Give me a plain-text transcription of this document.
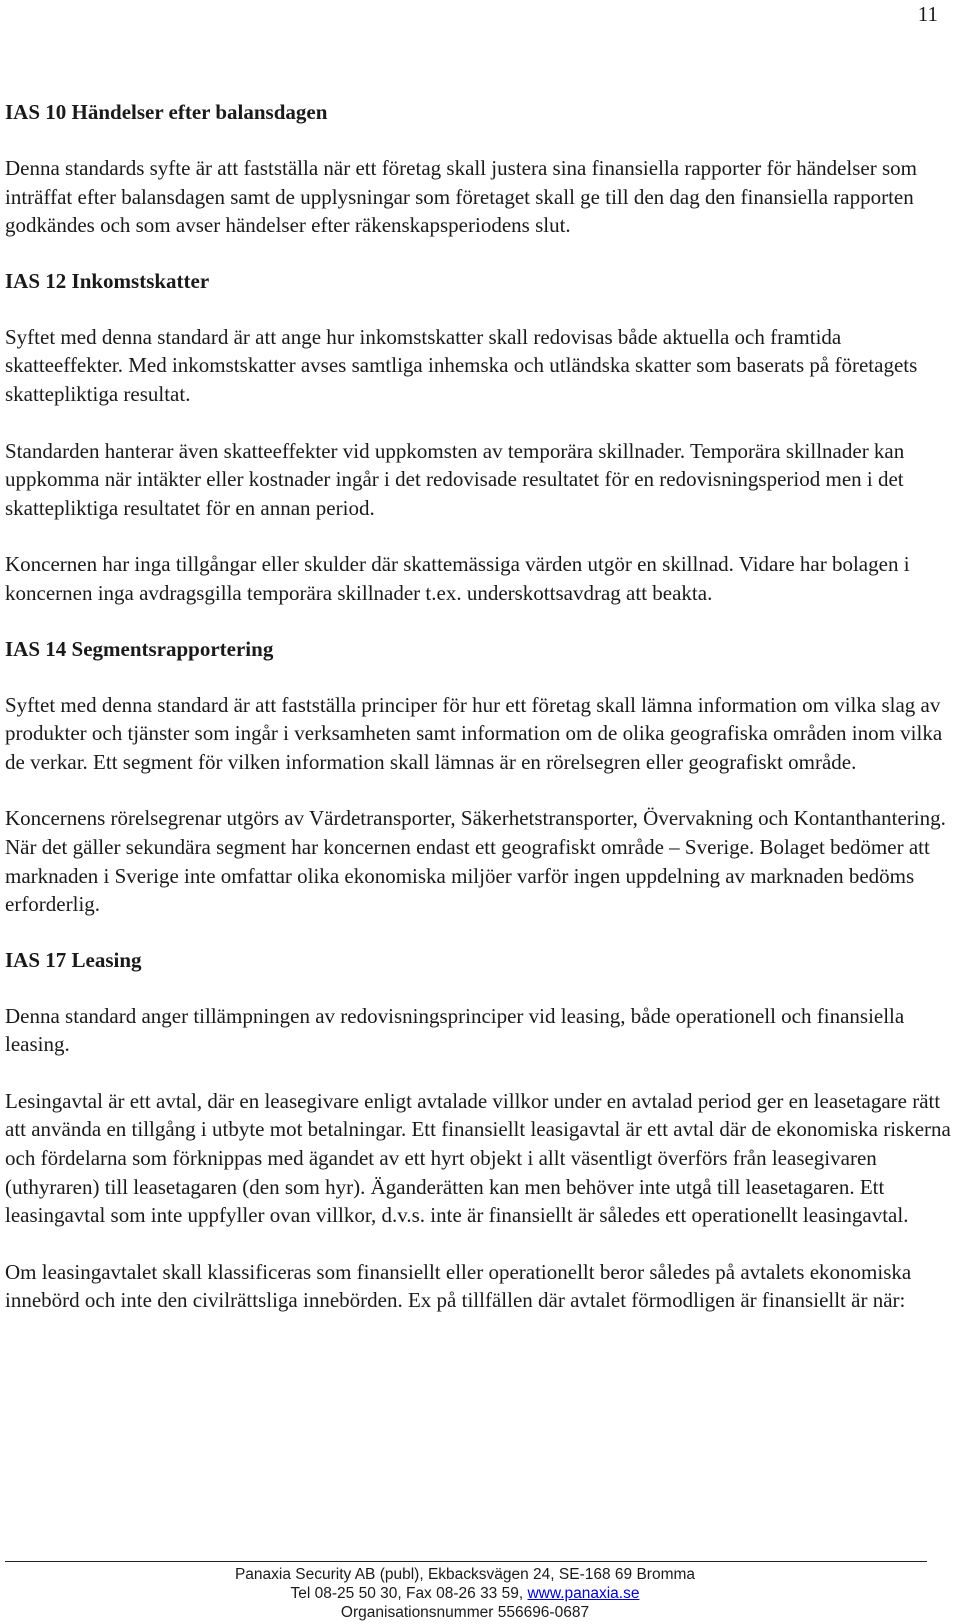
11
IAS 10 Händelser efter balansdagen

Denna standards syfte är att fastställa när ett företag skall justera sina finansiella rapporter för händelser som inträffat efter balansdagen samt de upplysningar som företaget skall ge till den dag den finansiella rapporten godkändes och som avser händelser efter räkenskapsperiodens slut.

IAS 12 Inkomstskatter

Syftet med denna standard är att ange hur inkomstskatter skall redovisas både aktuella och framtida skatteeffekter. Med inkomstskatter avses samtliga inhemska och utländska skatter som baserats på företagets skattepliktiga resultat.

Standarden hanterar även skatteeffekter vid uppkomsten av temporära skillnader. Temporära skillnader kan uppkomma när intäkter eller kostnader ingår i det redovisade resultatet för en redovisningsperiod men i det skattepliktiga resultatet för en annan period.

Koncernen har inga tillgångar eller skulder där skattemässiga värden utgör en skillnad. Vidare har bolagen i koncernen inga avdragsgilla temporära skillnader t.ex. underskottsavdrag att beakta.

IAS 14 Segmentsrapportering

Syftet med denna standard är att fastställa principer för hur ett företag skall lämna information om vilka slag av produkter och tjänster som ingår i verksamheten samt information om de olika geografiska områden inom vilka de verkar. Ett segment för vilken information skall lämnas är en rörelsegren eller geografiskt område.

Koncernens rörelsegrenar utgörs av Värdetransporter, Säkerhetstransporter, Övervakning och Kontanthantering. När det gäller sekundära segment har koncernen endast ett geografiskt område – Sverige. Bolaget bedömer att marknaden i Sverige inte omfattar olika ekonomiska miljöer varför ingen uppdelning av marknaden bedöms erforderlig.

IAS 17 Leasing

Denna standard anger tillämpningen av redovisningsprinciper vid leasing, både operationell och finansiella leasing.

Lesingavtal är ett avtal, där en leasegivare enligt avtalade villkor under en avtalad period ger en leasetagare rätt att använda en tillgång i utbyte mot betalningar. Ett finansiellt leasigavtal är ett avtal där de ekonomiska riskerna och fördelarna som förknippas med ägandet av ett hyrt objekt i allt väsentligt överförs från leasegivaren (uthyraren) till leasetagaren (den som hyr). Äganderätten kan men behöver inte utgå till leasetagaren. Ett leasingavtal som inte uppfyller ovan villkor, d.v.s. inte är finansiellt är således ett operationellt leasingavtal.

Om leasingavtalet skall klassificeras som finansiellt eller operationellt beror således på avtalets ekonomiska innebörd och inte den civilrättsliga innebörden. Ex på tillfällen där avtalet förmodligen är finansiellt är när:

Panaxia Security AB (publ), Ekbacksvägen 24, SE-168 69 Bromma
Tel 08-25 50 30, Fax 08-26 33 59, www.panaxia.se
Organisationsnummer 556696-0687
